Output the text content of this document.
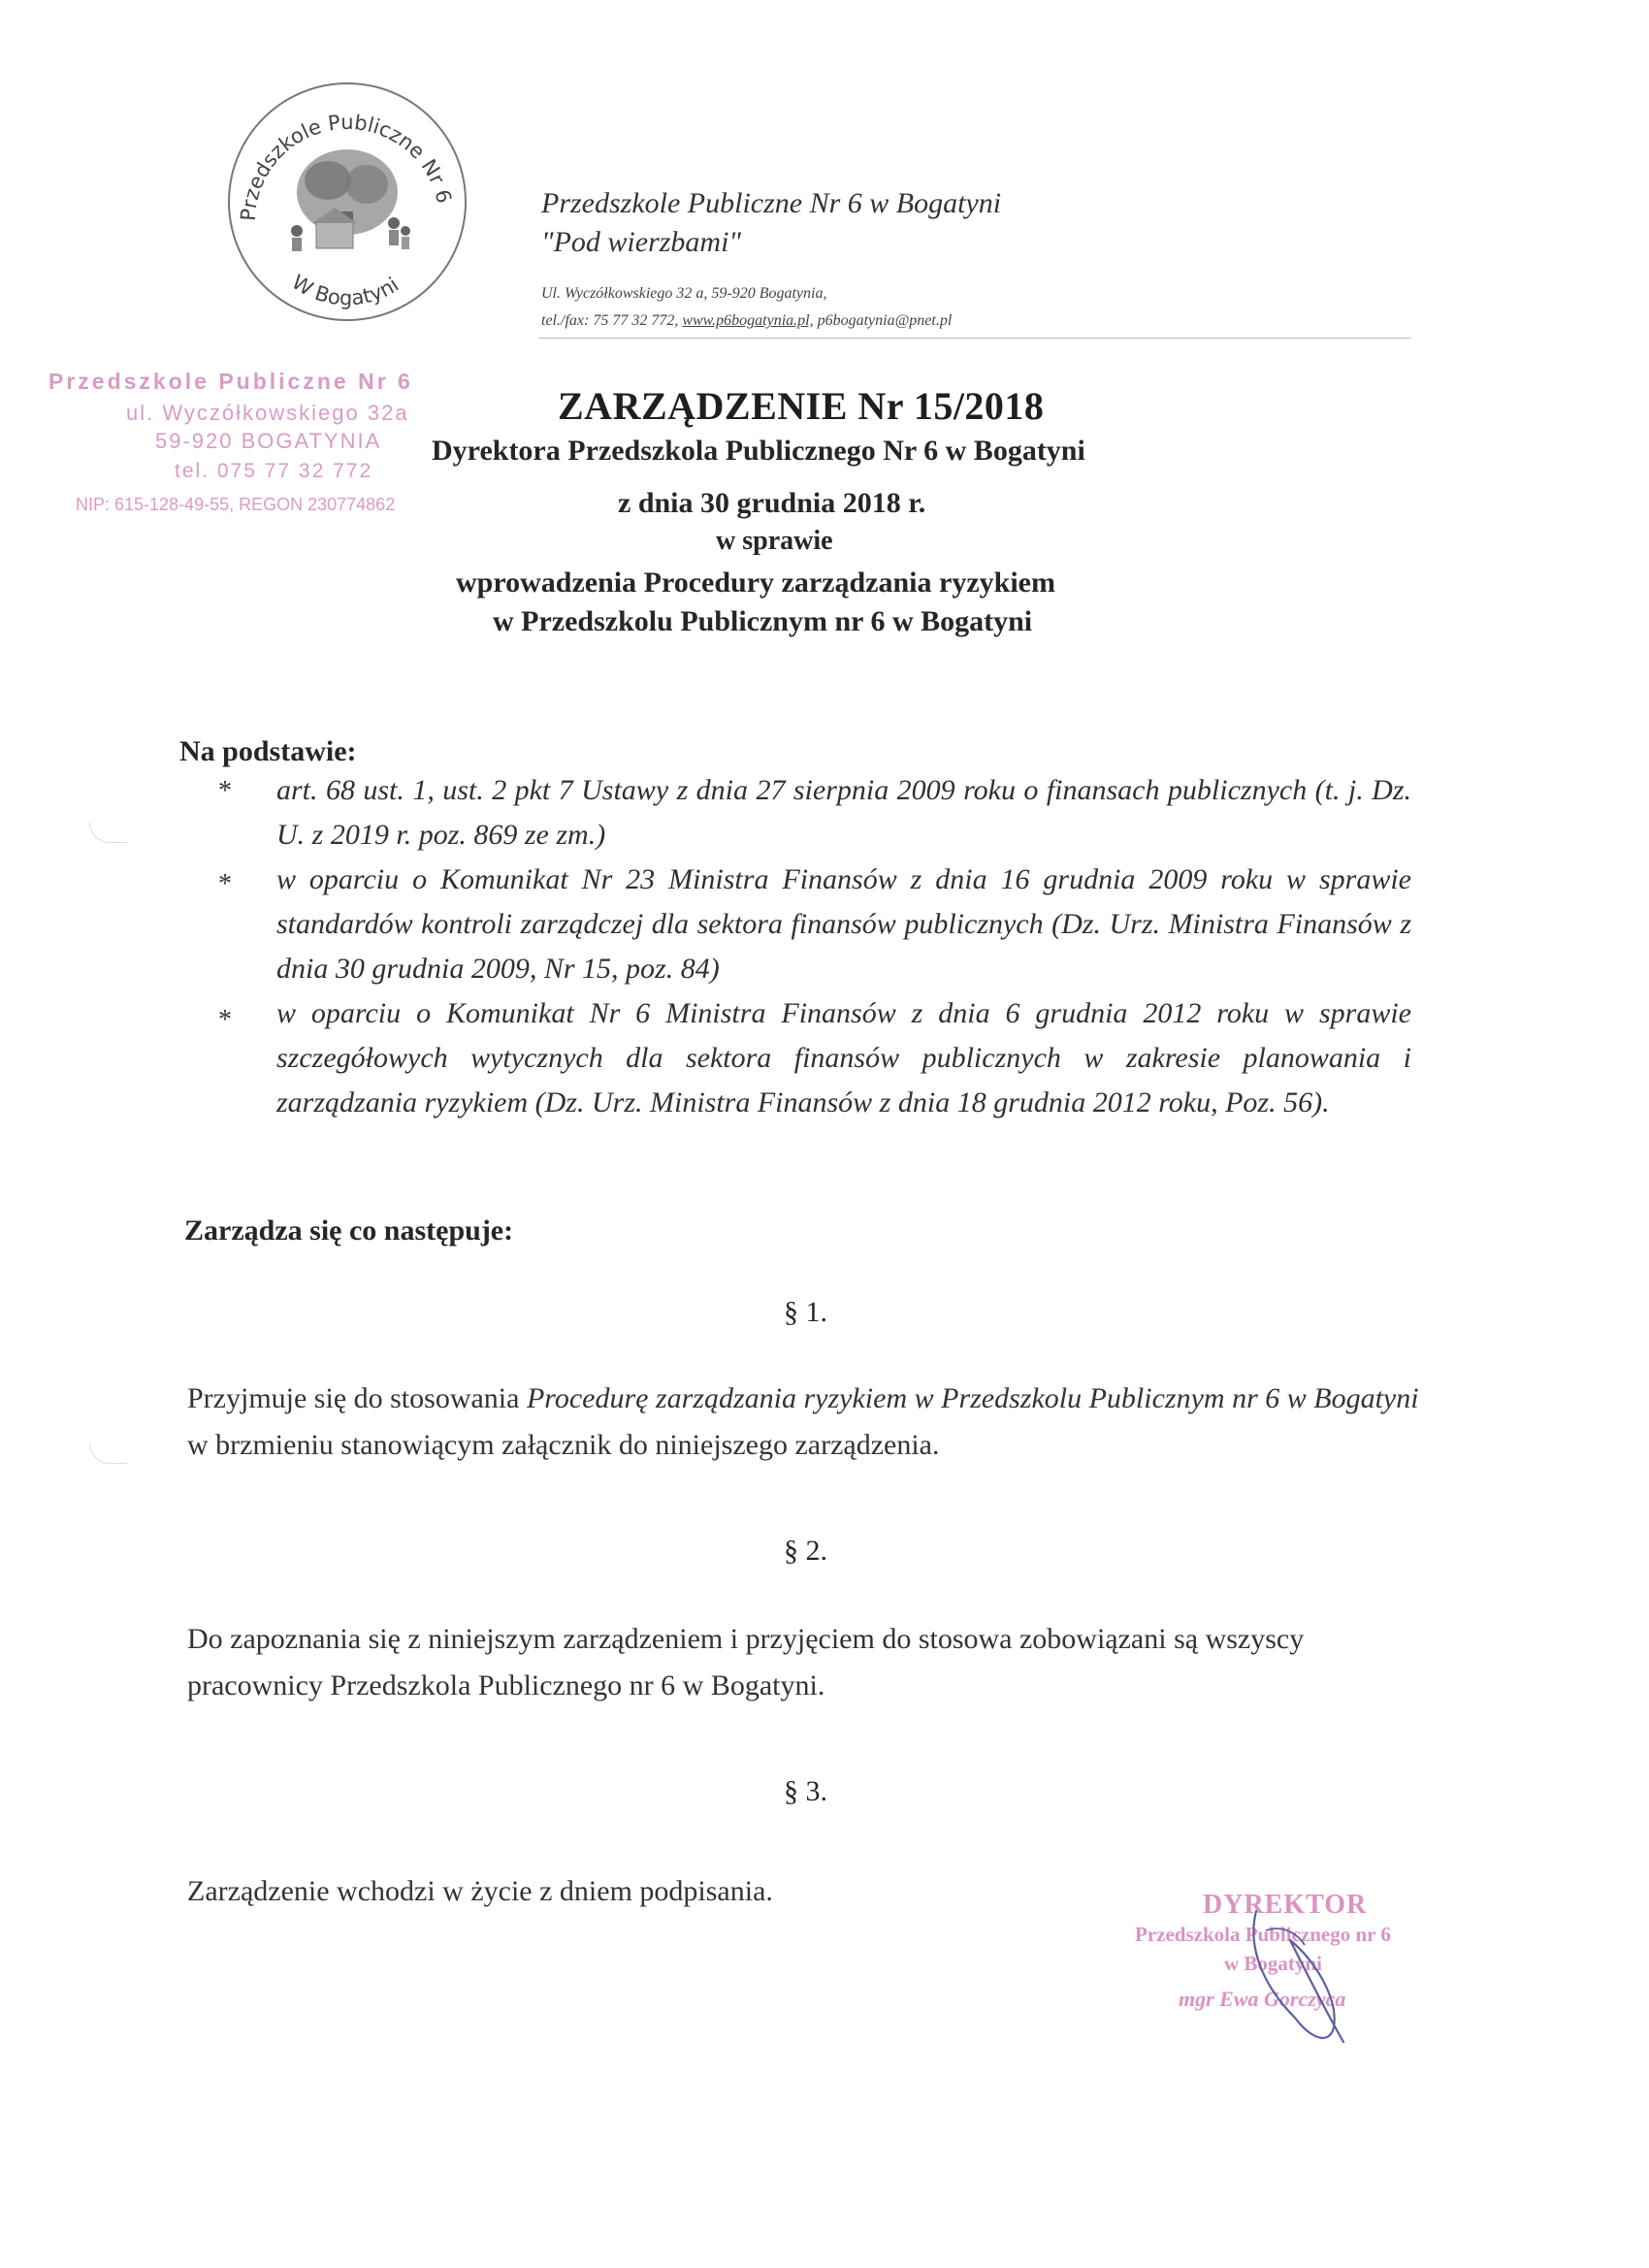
Przedszkole Publiczne Nr 6
W Bogatyni
Przedszkole Publiczne Nr 6 w Bogatyni
"Pod wierzbami"
Ul. Wyczółkowskiego 32 a, 59-920 Bogatynia,
tel./fax: 75 77 32 772, www.p6bogatynia.pl, p6bogatynia@pnet.pl
Przedszkole Publiczne Nr 6
ul. Wyczółkowskiego 32a
59-920 BOGATYNIA
tel. 075 77 32 772
NIP: 615-128-49-55, REGON 230774862
ZARZĄDZENIE Nr 15/2018
Dyrektora Przedszkola Publicznego Nr 6 w Bogatyni
z dnia 30 grudnia 2018 r.
w sprawie
wprowadzenia Procedury zarządzania ryzykiem
w Przedszkolu Publicznym nr 6 w Bogatyni
Na podstawie:
* art. 68 ust. 1, ust. 2 pkt 7 Ustawy z dnia 27 sierpnia 2009 roku o finansach publicznych (t. j. Dz. U. z 2019 r. poz. 869 ze zm.)
* w oparciu o Komunikat Nr 23 Ministra Finansów z dnia 16 grudnia 2009 roku w sprawie standardów kontroli zarządczej dla sektora finansów publicznych (Dz. Urz. Ministra Finansów z dnia 30 grudnia 2009, Nr 15, poz. 84)
* w oparciu o Komunikat Nr 6 Ministra Finansów z dnia 6 grudnia 2012 roku w sprawie szczegółowych wytycznych dla sektora finansów publicznych w zakresie planowania i zarządzania ryzykiem (Dz. Urz. Ministra Finansów z dnia 18 grudnia 2012 roku, Poz. 56).
Zarządza się co następuje:
§ 1.
Przyjmuje się do stosowania Procedurę zarządzania ryzykiem w Przedszkolu Publicznym nr 6 w Bogatyni w brzmieniu stanowiącym załącznik do niniejszego zarządzenia.
§ 2.
Do zapoznania się z niniejszym zarządzeniem i przyjęciem do stosowa zobowiązani są wszyscy pracownicy Przedszkola Publicznego nr 6 w Bogatyni.
§ 3.
Zarządzenie wchodzi w życie z dniem podpisania.	DYREKTOR
Przedszkola Publicznego nr 6
w Bogatyni
mgr Ewa Gorczyca
